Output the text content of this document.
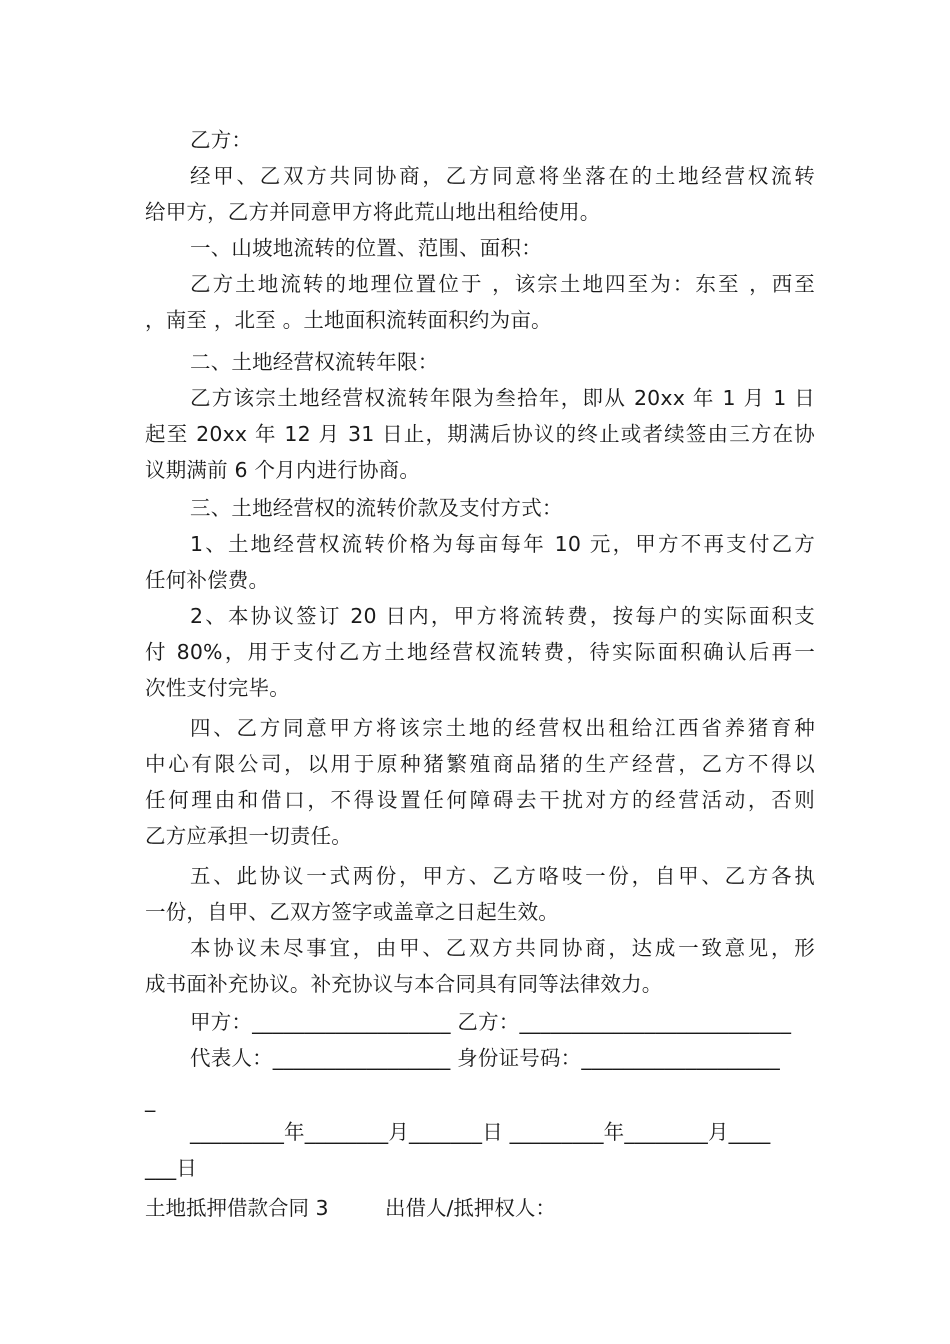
乙方：
经甲、乙双方共同协商，乙方同意将坐落在的土地经营权流转
给甲方，乙方并同意甲方将此荒山地出租给使用。
一、山坡地流转的位置、范围、面积：
乙方土地流转的地理位置位于 ，该宗土地四至为：东至 ，西至
，南至 ，北至 。土地面积流转面积约为亩。
二、土地经营权流转年限：
乙方该宗土地经营权流转年限为叁拾年，即从 20xx 年 1 月 1 日
起至 20xx 年 12 月 31 日止，期满后协议的终止或者续签由三方在协
议期满前 6 个月内进行协商。
三、土地经营权的流转价款及支付方式：
1、土地经营权流转价格为每亩每年 10 元，甲方不再支付乙方
任何补偿费。
2、本协议签订 20 日内，甲方将流转费，按每户的实际面积支
付 80%，用于支付乙方土地经营权流转费，待实际面积确认后再一
次性支付完毕。
四、乙方同意甲方将该宗土地的经营权出租给江西省养猪育种
中心有限公司，以用于原种猪繁殖商品猪的生产经营，乙方不得以
任何理由和借口，不得设置任何障碍去干扰对方的经营活动，否则
乙方应承担一切责任。
五、此协议一式两份，甲方、乙方咯吱一份，自甲、乙方各执
一份，自甲、乙双方签字或盖章之日起生效。
本协议未尽事宜，由甲、乙双方共同协商，达成一致意见，形
成书面补充协议。补充协议与本合同具有同等法律效力。
甲方：___________________ 乙方：__________________________
代表人：_________________ 身份证号码：___________________
_
_________年________月_______日 _________年________月____
___日
土地抵押借款合同 3	出借人/抵押权人：
